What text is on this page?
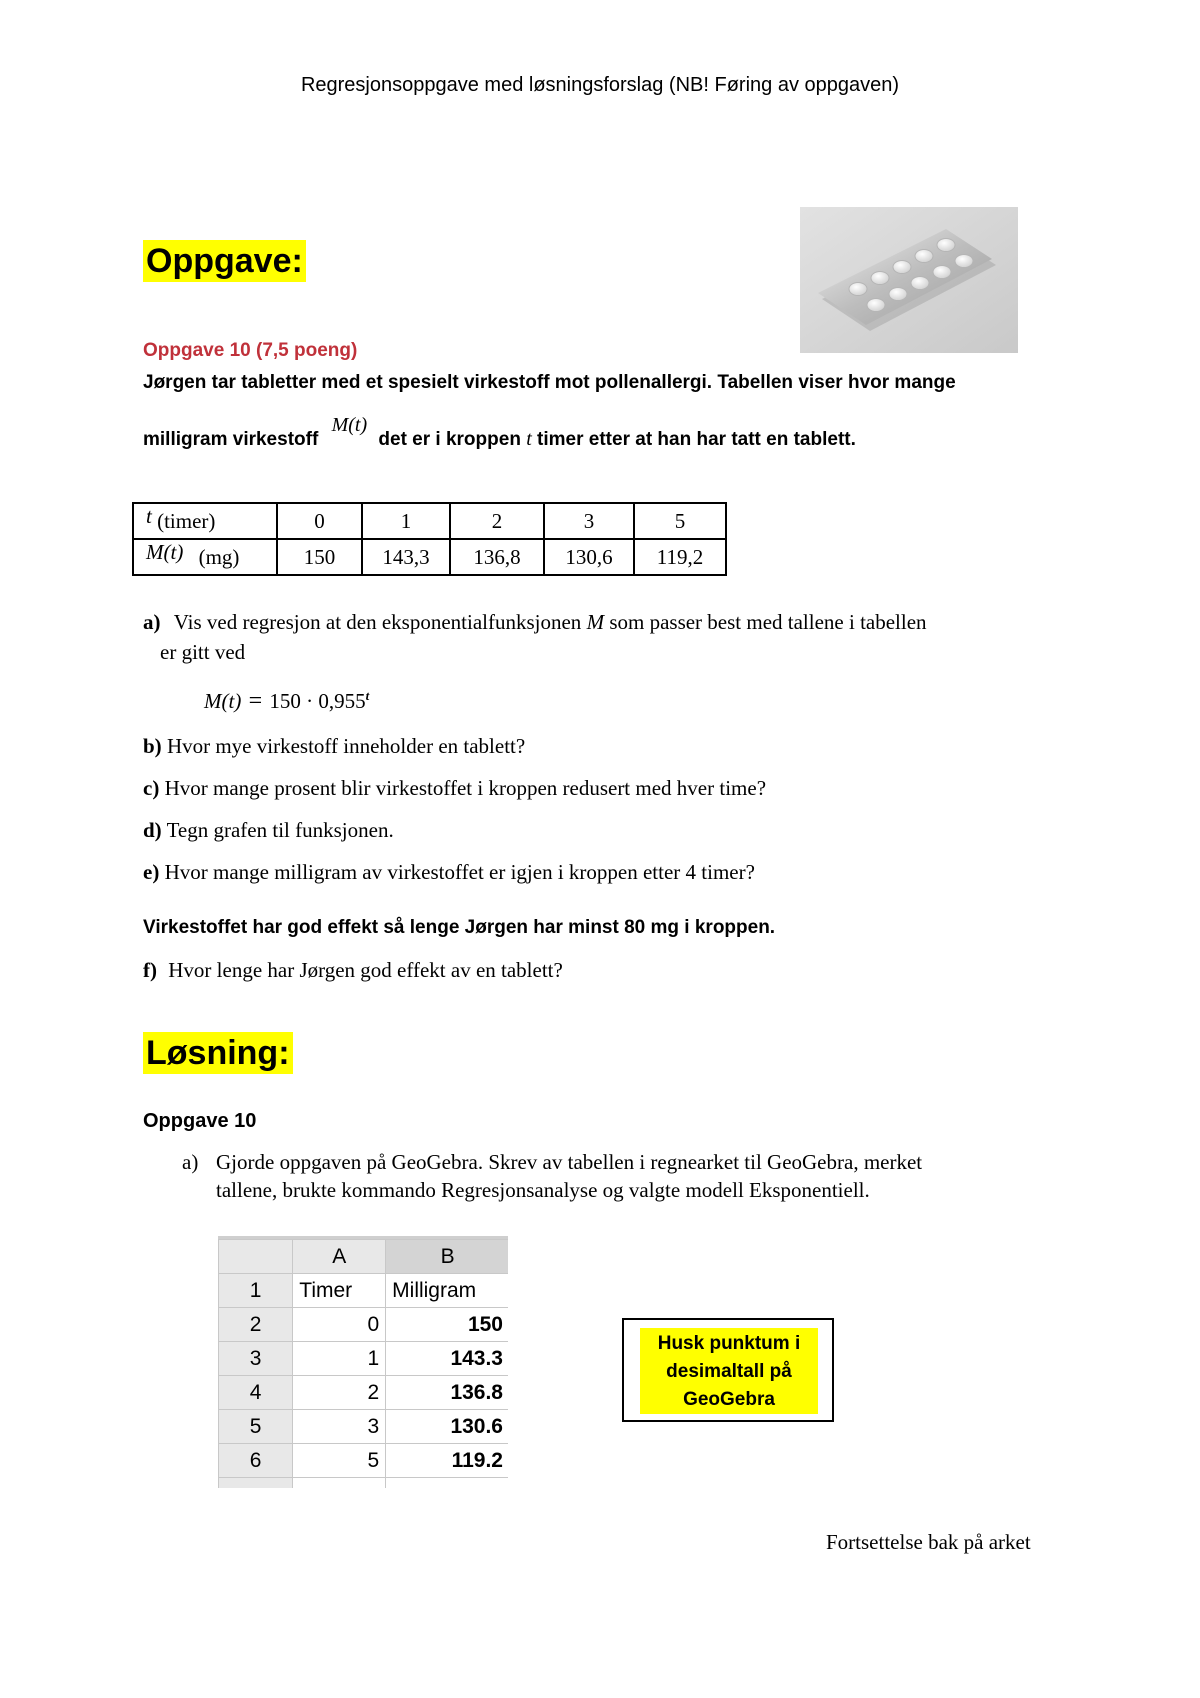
Regresjonsoppgave med løsningsforslag (NB! Føring av oppgaven)
Oppgave:
Oppgave 10 (7,5 poeng)
Jørgen tar tabletter med et spesielt virkestoff mot pollenallergi. Tabellen viser hvor mange
milligram virkestoff M(t) det er i kroppen t timer etter at han har tatt en tablett.
t (timer)	0	1	2	3	5
M(t) (mg)	150	143,3	136,8	130,6	119,2
a) Vis ved regresjon at den eksponentialfunksjonen M som passer best med tallene i tabellen
er gitt ved
$M(t) = 150 \cdot 0,955^t$
b) Hvor mye virkestoff inneholder en tablett?
c) Hvor mange prosent blir virkestoffet i kroppen redusert med hver time?
d) Tegn grafen til funksjonen.
e) Hvor mange milligram av virkestoffet er igjen i kroppen etter 4 timer?
Virkestoffet har god effekt så lenge Jørgen har minst 80 mg i kroppen.
f) Hvor lenge har Jørgen god effekt av en tablett?
Løsning:
Oppgave 10
a) Gjorde oppgaven på GeoGebra. Skrev av tabellen i regnearket til GeoGebra, merket
tallene, brukte kommando Regresjonsanalyse og valgte modell Eksponentiell.
	A	B
1	Timer	Milligram
2	0	150
3	1	143.3
4	2	136.8
5	3	130.6
6	5	119.2

Husk punktum i
desimaltall på
GeoGebra
Fortsettelse bak på arket
